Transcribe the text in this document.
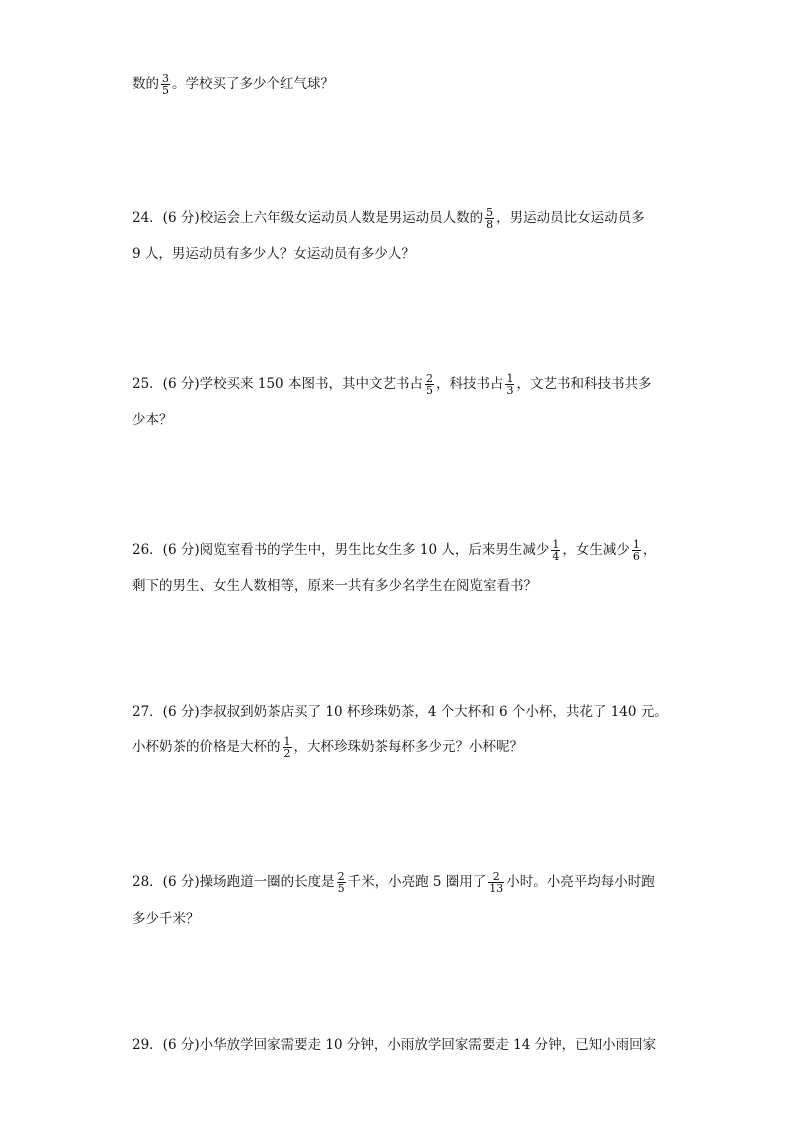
数的 $\frac{3}{5}$ 。学校买了多少个红气球？
24．(6 分)校运会上六年级女运动员人数是男运动员人数的 $\frac{5}{8}$ ，男运动员比女运动员多
9 人，男运动员有多少人？女运动员有多少人？
25．(6 分)学校买来 150 本图书，其中文艺书占 $\frac{2}{5}$ ，科技书占 $\frac{1}{3}$ ，文艺书和科技书共多
少本？
26．(6 分)阅览室看书的学生中，男生比女生多 10 人，后来男生减少 $\frac{1}{4}$ ，女生减少 $\frac{1}{6}$ ，
剩下的男生、女生人数相等，原来一共有多少名学生在阅览室看书？
27．(6 分)李叔叔到奶茶店买了 10 杯珍珠奶茶，4 个大杯和 6 个小杯，共花了 140 元。
小杯奶茶的价格是大杯的 $\frac{1}{2}$ ，大杯珍珠奶茶每杯多少元？小杯呢？
28．(6 分)操场跑道一圈的长度是 $\frac{2}{5}$ 千米，小亮跑 5 圈用了 $\frac{2}{13}$ 小时。小亮平均每小时跑
多少千米？
29．(6 分)小华放学回家需要走 10 分钟，小雨放学回家需要走 14 分钟，已知小雨回家
